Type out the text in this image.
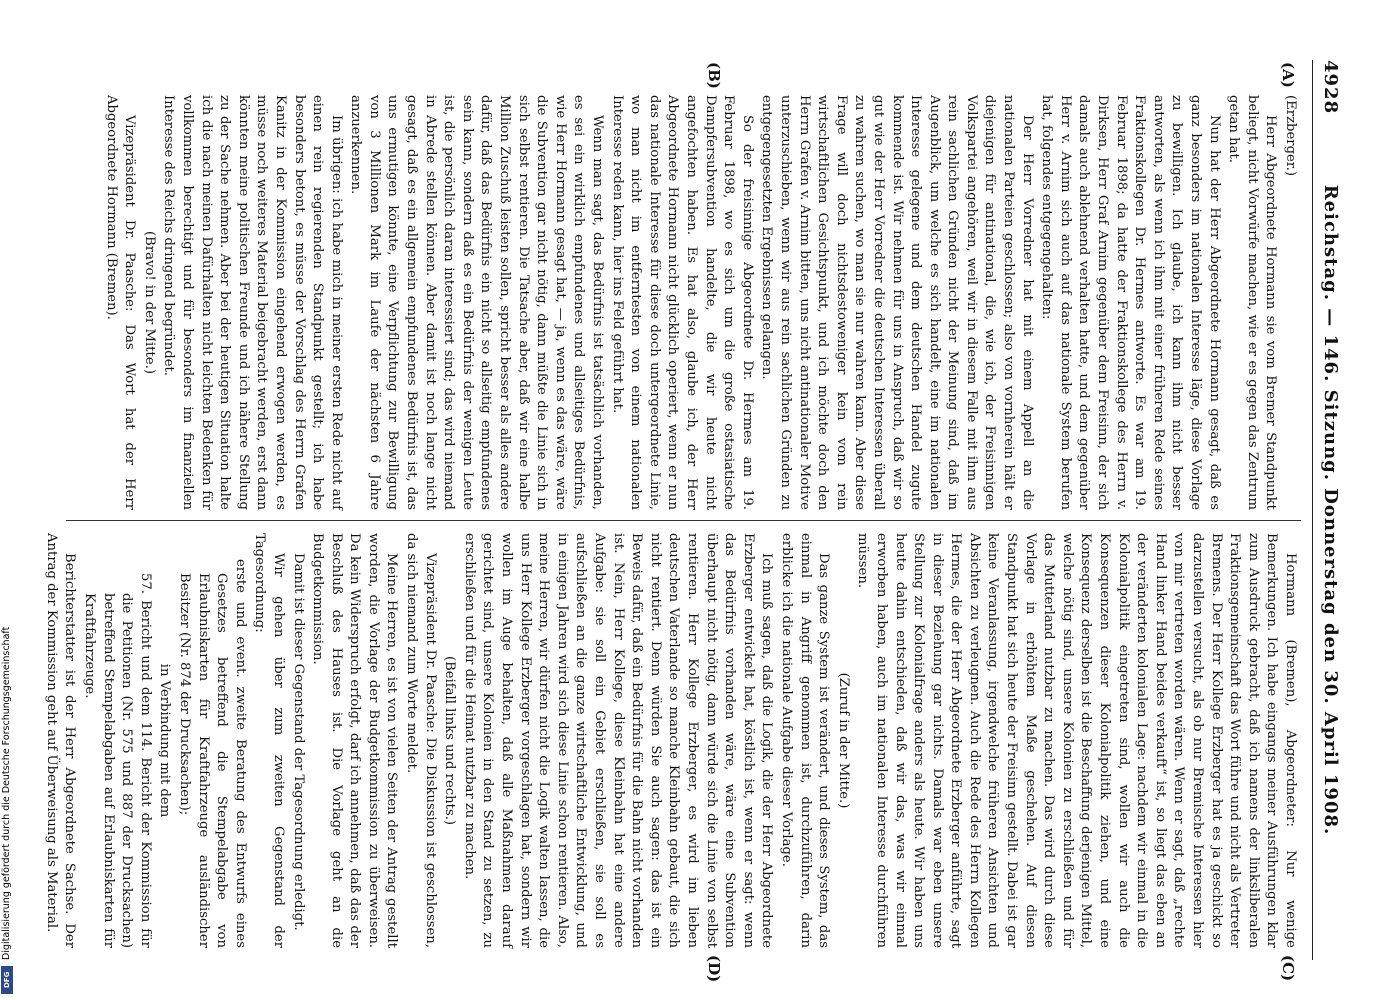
4928
Reichstag. — 146. Sitzung. Donnerstag den 30. April 1908.
(A)
(B)
(C)
(D)

(Erzberger.)

Herr Abgeordnete Hormann sie vom Bremer Standpunkt beliegt, nicht Vorwürfe machen, wie er es gegen das Zentrum getan hat.

Nun hat der Herr Abgeordnete Hormann gesagt, daß es ganz besonders im nationalen Interesse läge, diese Vorlage zu bewilligen. Ich glaube, ich kann ihm nicht besser antworten, als wenn ich ihm mit einer früheren Rede seines Fraktionskollegen Dr. Hermes antworte. Es war am 19. Februar 1898; da hatte der Fraktionskollege des Herrn v. Dirksen, Herr Graf Arnim gegenüber dem Freisinn, der sich damals auch ablehnend verhalten hatte, und dem gegenüber Herr v. Arnim sich auch auf das nationale System berufen hat, folgendes entgegengehalten:

Der Herr Vorredner hat mit einem Appell an die nationalen Parteien geschlossen; also von vornherein hält er diejenigen für antinational, die, wie ich, der Freisinnigen Volkspartei angehören, weil wir in diesem Falle mit ihm aus rein sachlichen Gründen nicht der Meinung sind, daß im Augenblick, um welche es sich handelt, eine im nationalen Interesse gelegene und dem deutschen Handel zugute kommende ist. Wir nehmen für uns in Anspruch, daß wir so gut wie der Herr Vorredner die deutschen Interessen überall zu wahren suchen, wo man sie nur wahren kann. Aber diese Frage will doch nichtsdestoweniger kein vom rein wirtschaftlichen Gesichtspunkt, und ich möchte doch den Herrn Grafen v. Arnim bitten, uns nicht antinationaler Motive unterzuschieben, wenn wir aus rein sachlichen Gründen zu entgegengesetzten Ergebnissen gelangen.

So der freisinnige Abgeordnete Dr. Hermes am 19. Februar 1898, wo es sich um die große ostasiatische Dampfersubvention handelte, die wir heute nicht angefochten haben. Es hat also, glaube ich, der Herr Abgeordnete Hormann nicht glücklich operiert, wenn er nun das nationale Interesse für diese doch untergeordnete Linie, wo man nicht im entferntesten von einem nationalen Interesse reden kann, hier ins Feld geführt hat.

Wenn man sagt, das Bedürfnis ist tatsächlich vorhanden, es sei ein wirklich empfundenes und allseitiges Bedürfnis, wie Herr Hormann gesagt hat, — ja, wenn es das wäre, wäre die Subvention gar nicht nötig, dann müßte die Linie sich in sich selbst rentieren. Die Tatsache aber, daß wir eine halbe Million Zuschuß leisten sollen, spricht besser als alles andere dafür, daß das Bedürfnis ein nicht so allseitig empfundenes sein kann, sondern daß es ein Bedürfnis der wenigen Leute ist, die persönlich daran interessiert sind; das wird niemand in Abrede stellen können. Aber damit ist noch lange nicht gesagt, daß es ein allgemein empfundenes Bedürfnis ist, das uns ermutigen könnte, eine Verpflichtung zur Bewilligung von 3 Millionen Mark im Laufe der nächsten 6 Jahre anzuerkennen.

Im übrigen: ich habe mich in meiner ersten Rede nicht auf einen rein regierenden Standpunkt gestellt; ich habe besonders betont, es müsse der Vorschlag des Herrn Grafen Kanitz in der Kommission eingehend erwogen werden, es müsse noch weiteres Material beigebracht werden, erst dann könnten meine politischen Freunde und ich nähere Stellung zu der Sache nehmen. Aber bei der heutigen Situation halte ich die nach meinen Dafürhalten nicht leichten Bedenken für vollkommen berechtigt und für besonders im finanziellen Interesse des Reichs dringend begründet.

(Bravo! in der Mitte.)

Vizepräsident Dr. Paasche: Das Wort hat der Herr Abgeordnete Hormann (Bremen).

Hormann (Bremen), Abgeordneter: Nur wenige Bemerkungen. Ich habe eingangs meiner Ausführungen klar zum Ausdruck gebracht, daß ich namens der linksliberalen Fraktionsgemeinschaft das Wort führe und nicht als Vertreter Bremens. Der Herr Kollege Erzberger hat es ja geschickt so darzustellen versucht, als ob nur Bremische Interessen hier von mir vertreten worden wären. Wenn er sagt, daß „rechte Hand linker Hand beides verkauft“ ist, so liegt das eben an der veränderten kolonialen Lage: nachdem wir einmal in die Kolonialpolitik eingetreten sind, wollen wir auch die Konsequenzen dieser Kolonialpolitik ziehen, und eine Konsequenz derselben ist die Beschaffung derjenigen Mittel, welche nötig sind, unsere Kolonien zu erschließen und für das Mutterland nutzbar zu machen. Das wird durch diese Vorlage in erhöhtem Maße geschehen. Auf diesen Standpunkt hat sich heute der Freisinn gestellt. Dabei ist gar keine Veranlassung, irgendwelche früheren Ansichten und Absichten zu verleugnen. Auch die Rede des Herrn Kollegen Hermes, die der Herr Abgeordnete Erzberger anführte, sagt in dieser Beziehung gar nichts. Damals war eben unsere Stellung zur Kolonialfrage anders als heute. Wir haben uns heute dahin entschieden, daß wir das, was wir einmal erworben haben, auch im nationalen Interesse durchführen müssen.

(Zuruf in der Mitte.)

Das ganze System ist verändert, und dieses System, das einmal in Angriff genommen ist, durchzuführen, darin erblicke ich die nationale Aufgabe dieser Vorlage.

Ich muß sagen, daß die Logik, die der Herr Abgeordnete Erzberger entwickelt hat, köstlich ist, wenn er sagt: wenn das Bedürfnis vorhanden wäre, wäre eine Subvention überhaupt nicht nötig, dann würde sich die Linie von selbst rentieren. Herr Kollege Erzberger, es wird im lieben deutschen Vaterlande so manche Kleinbahn gebaut, die sich nicht rentiert. Denn würden Sie auch sagen: das ist ein Beweis dafür, daß ein Bedürfnis für die Bahn nicht vorhanden ist. Nein, Herr Kollege, diese Kleinbahn hat eine andere Aufgabe: sie soll ein Gebiet erschließen, sie soll es aufschließen an die ganze wirtschaftliche Entwicklung, und in einigen Jahren wird sich diese Linie schon rentieren. Also, meine Herren, wir dürfen nicht die Logik walten lassen, die uns Herr Kollege Erzberger vorgeschlagen hat, sondern wir wollen im Auge behalten, daß alle Maßnahmen darauf gerichtet sind, unsere Kolonien in den Stand zu setzen, zu erschließen und für die Heimat nutzbar zu machen.

(Beifall links und rechts.)

Vizepräsident Dr. Paasche: Die Diskussion ist geschlossen, da sich niemand zum Worte meldet.

Meine Herren, es ist von vielen Seiten der Antrag gestellt worden, die Vorlage der Budgetkommission zu überweisen. Da kein Widerspruch erfolgt, darf ich annehmen, daß das der Beschluß des Hauses ist. Die Vorlage geht an die Budgetkommission.

Damit ist dieser Gegenstand der Tagesordnung erledigt.

Wir gehen über zum zweiten Gegenstand der Tagesordnung:

erste und event. zweite Beratung des Entwurfs eines Gesetzes betreffend die Stempelabgabe von Erlaubniskarten für Kraftfahrzeuge ausländischer Besitzer (Nr. 874 der Drucksachen);

in Verbindung mit dem

57. Bericht und dem 114. Bericht der Kommission für die Petitionen (Nr. 575 und 887 der Drucksachen) betreffend Stempelabgaben auf Erlaubniskarten für Kraftfahrzeuge.

Berichterstatter ist der Herr Abgeordnete Sachse. Der Antrag der Kommission geht auf Überweisung als Material.

Digitalisierung gefördert durch die Deutsche Forschungsgemeinschaft
DFG
